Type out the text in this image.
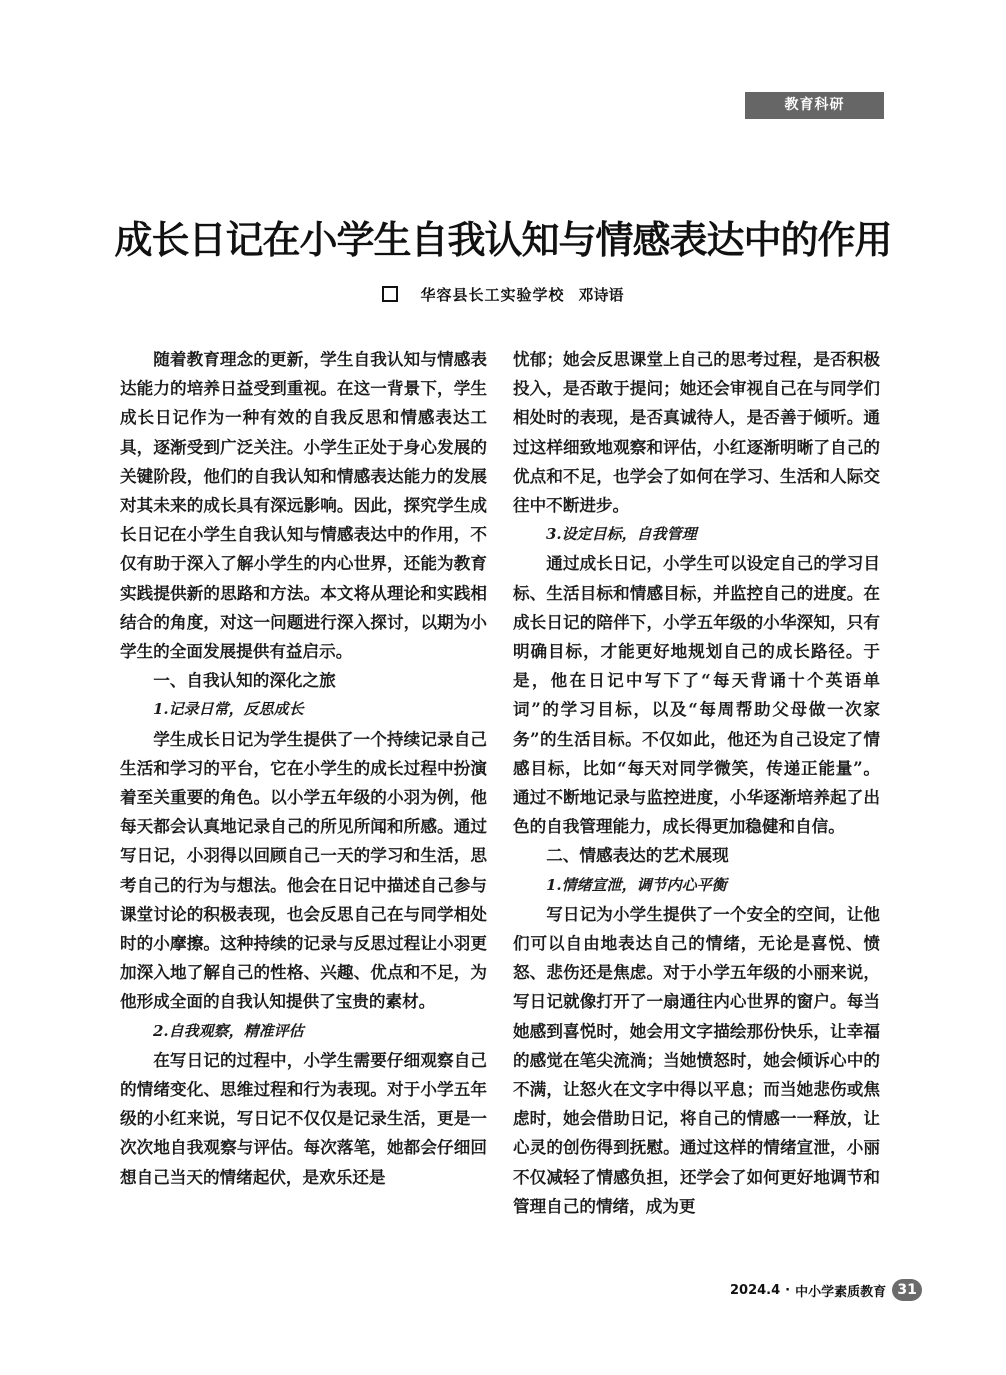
教育科研
成长日记在小学生自我认知与情感表达中的作用
华容县长工实验学校 邓诗语

随着教育理念的更新，学生自我认知与情感表达能力的培养日益受到重视。在这一背景下，学生成长日记作为一种有效的自我反思和情感表达工具，逐渐受到广泛关注。小学生正处于身心发展的关键阶段，他们的自我认知和情感表达能力的发展对其未来的成长具有深远影响。因此，探究学生成长日记在小学生自我认知与情感表达中的作用，不仅有助于深入了解小学生的内心世界，还能为教育实践提供新的思路和方法。本文将从理论和实践相结合的角度，对这一问题进行深入探讨，以期为小学生的全面发展提供有益启示。

一、自我认知的深化之旅
1.记录日常，反思成长

学生成长日记为学生提供了一个持续记录自己生活和学习的平台，它在小学生的成长过程中扮演着至关重要的角色。以小学五年级的小羽为例，他每天都会认真地记录自己的所见所闻和所感。通过写日记，小羽得以回顾自己一天的学习和生活，思考自己的行为与想法。他会在日记中描述自己参与课堂讨论的积极表现，也会反思自己在与同学相处时的小摩擦。这种持续的记录与反思过程让小羽更加深入地了解自己的性格、兴趣、优点和不足，为他形成全面的自我认知提供了宝贵的素材。

2.自我观察，精准评估

在写日记的过程中，小学生需要仔细观察自己的情绪变化、思维过程和行为表现。对于小学五年级的小红来说，写日记不仅仅是记录生活，更是一次次地自我观察与评估。每次落笔，她都会仔细回想自己当天的情绪起伏，是欢乐还是

忧郁；她会反思课堂上自己的思考过程，是否积极投入，是否敢于提问；她还会审视自己在与同学们相处时的表现，是否真诚待人，是否善于倾听。通过这样细致地观察和评估，小红逐渐明晰了自己的优点和不足，也学会了如何在学习、生活和人际交往中不断进步。

3.设定目标，自我管理

通过成长日记，小学生可以设定自己的学习目标、生活目标和情感目标，并监控自己的进度。在成长日记的陪伴下，小学五年级的小华深知，只有明确目标，才能更好地规划自己的成长路径。于是，他在日记中写下了“每天背诵十个英语单词”的学习目标，以及“每周帮助父母做一次家务”的生活目标。不仅如此，他还为自己设定了情感目标，比如“每天对同学微笑，传递正能量”。通过不断地记录与监控进度，小华逐渐培养起了出色的自我管理能力，成长得更加稳健和自信。

二、情感表达的艺术展现
1.情绪宣泄，调节内心平衡

写日记为小学生提供了一个安全的空间，让他们可以自由地表达自己的情绪，无论是喜悦、愤怒、悲伤还是焦虑。对于小学五年级的小丽来说，写日记就像打开了一扇通往内心世界的窗户。每当她感到喜悦时，她会用文字描绘那份快乐，让幸福的感觉在笔尖流淌；当她愤怒时，她会倾诉心中的不满，让怒火在文字中得以平息；而当她悲伤或焦虑时，她会借助日记，将自己的情感一一释放，让心灵的创伤得到抚慰。通过这样的情绪宣泄，小丽不仅减轻了情感负担，还学会了如何更好地调节和管理自己的情绪，成为更

2024.4 · 中小学素质教育 31
